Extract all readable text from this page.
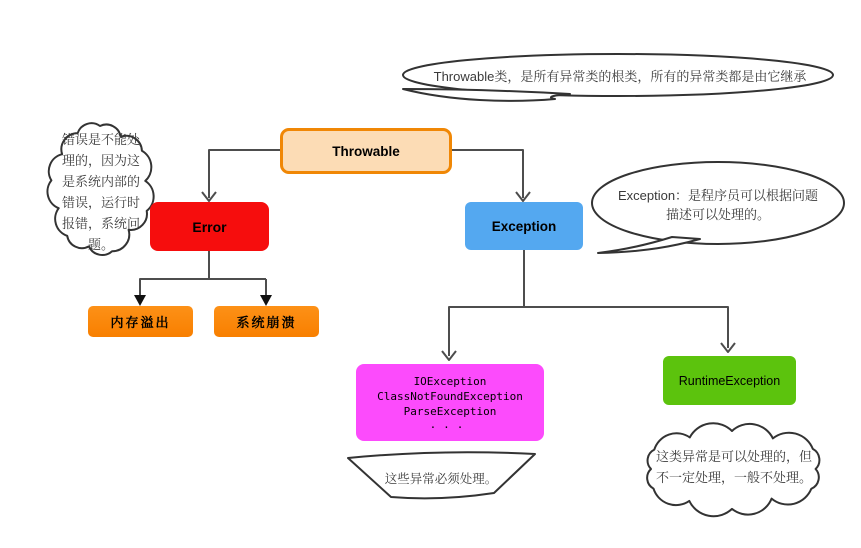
Throwable
Error	Exception
内存溢出	系统崩溃
IOException
ClassNotFoundException
ParseException
...
RuntimeException
Throwable类，是所有异常类的根类，所有的异常类都是由它继承
错误是不能处
理的，因为这
是系统内部的
错误，运行时
报错，系统问
题。
Exception：是程序员可以根据问题
描述可以处理的。
这些异常必须处理。
这类异常是可以处理的，但
不一定处理，一般不处理。
